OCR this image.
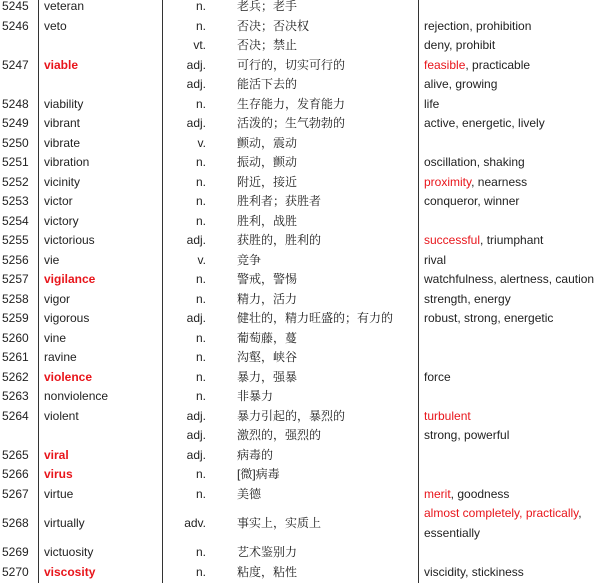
5245 veteran	n.	老兵；老手
5246 veto	n.	否决；否决权	rejection, prohibition
vt.	否决；禁止	deny, prohibit
5247 viable	adj.	可行的，切实可行的	feasible, practicable
adj.	能活下去的	alive, growing
5248 viability	n.	生存能力，发育能力	life
5249 vibrant	adj.	活泼的；生气勃勃的	active, energetic, lively
5250 vibrate	v.	颤动，震动
5251 vibration	n.	振动，颤动	oscillation, shaking
5252 vicinity	n.	附近，接近	proximity, nearness
5253 victor	n.	胜利者；获胜者	conqueror, winner
5254 victory	n.	胜利，战胜
5255 victorious	adj.	获胜的，胜利的	successful, triumphant
5256 vie	v.	竞争	rival
5257 vigilance	n.	警戒，警惕	watchfulness, alertness, caution
5258 vigor	n.	精力，活力	strength, energy
5259 vigorous	adj.	健壮的，精力旺盛的；有力的	robust, strong, energetic
5260 vine	n.	葡萄藤，蔓
5261 ravine	n.	沟壑，峡谷
5262 violence	n.	暴力，强暴	force
5263 nonviolence	n.	非暴力
5264 violent	adj.	暴力引起的，暴烈的	turbulent
adj.	激烈的，强烈的	strong, powerful
5265 viral	adj.	病毒的
5266 virus	n.	[微]病毒
5267 virtue	n.	美德	merit, goodness
5268 virtually	adv.	事实上，实质上
almost completely, practically, essentially
5269 victuosity	n.	艺术鉴别力
5270 viscosity	n.	粘度，粘性	viscidity, stickiness
